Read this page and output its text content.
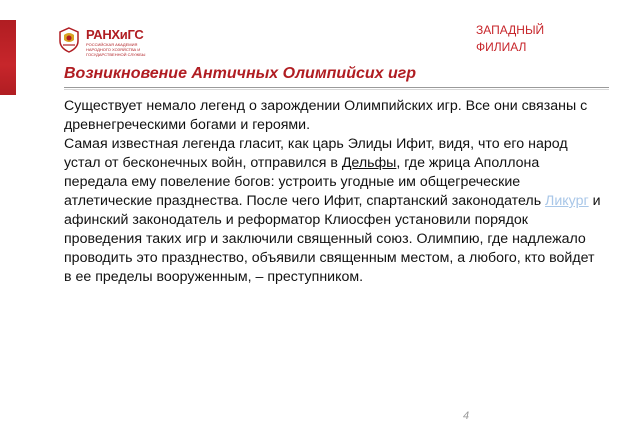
РАНХиГС
РОССИЙСКАЯ АКАДЕМИЯ НАРОДНОГО ХОЗЯЙСТВА И ГОСУДАРСТВЕННОЙ СЛУЖБЫ
ЗАПАДНЫЙ
ФИЛИАЛ
Возникновение Античных Олимпийсих игр

Существует немало легенд о зарождении Олимпийских игр. Все они связаны с древнегреческими богами и героями.

Самая известная легенда гласит, как царь Элиды Ифит, видя, что его народ устал от бесконечных войн, отправился в Дельфы, где жрица Аполлона передала ему повеление богов: устроить угодные им общегреческие атлетические празднества. После чего Ифит, спартанский законодатель Ликург и афинский законодатель и реформатор Клиосфен установили порядок проведения таких игр и заключили священный союз. Олимпию, где надлежало проводить это празднество, объявили священным местом, а любого, кто войдет в ее пределы вооруженным, – преступником.

4
